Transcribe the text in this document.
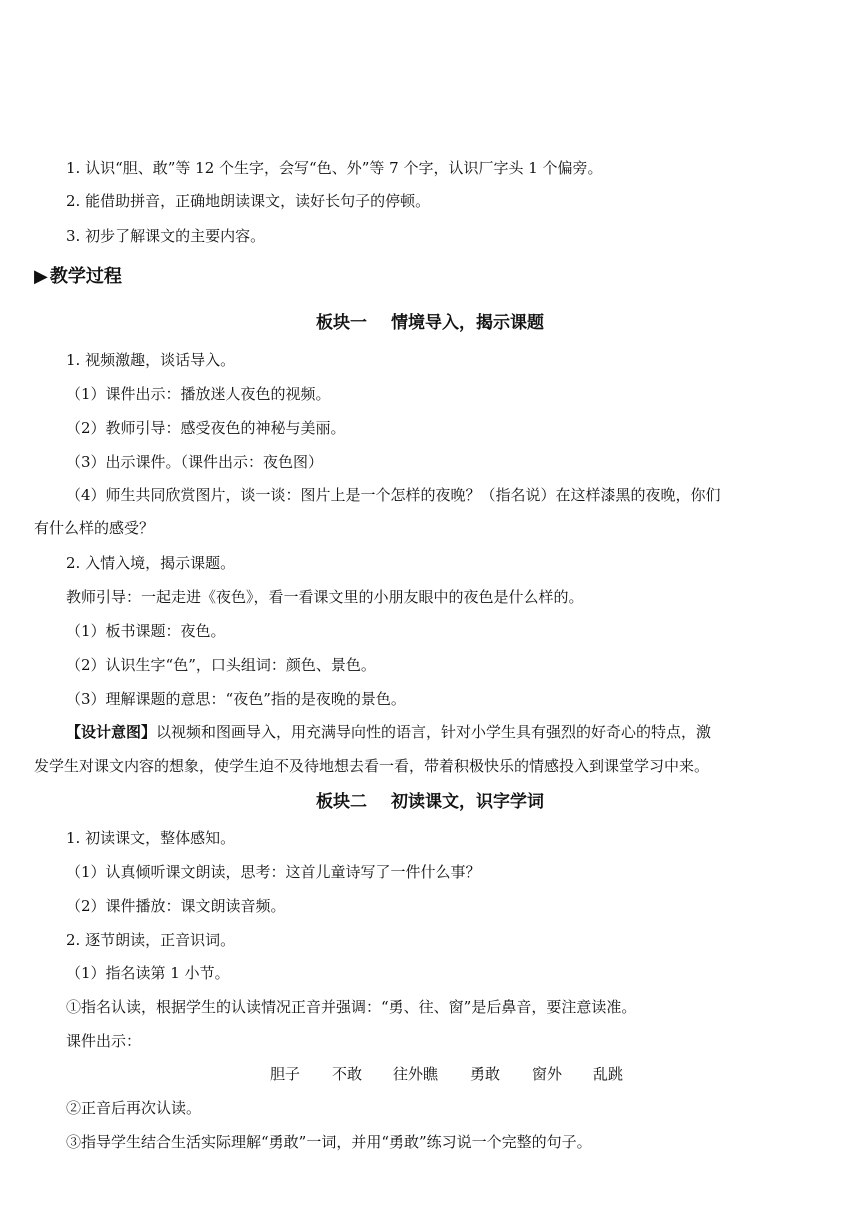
1. 认识“胆、敢”等 12 个生字，会写“色、外”等 7 个字，认识厂字头 1 个偏旁。
2. 能借助拼音，正确地朗读课文，读好长句子的停顿。
3. 初步了解课文的主要内容。
▶ 教学过程
板块一 情境导入，揭示课题
1. 视频激趣，谈话导入。
（1）课件出示：播放迷人夜色的视频。
（2）教师引导：感受夜色的神秘与美丽。
（3）出示课件。（课件出示：夜色图）
（4）师生共同欣赏图片，谈一谈：图片上是一个怎样的夜晚？（指名说）在这样漆黑的夜晚，你们
有什么样的感受？
2. 入情入境，揭示课题。
教师引导：一起走进《夜色》，看一看课文里的小朋友眼中的夜色是什么样的。
（1）板书课题：夜色。
（2）认识生字“色”，口头组词：颜色、景色。
（3）理解课题的意思：“夜色”指的是夜晚的景色。
【设计意图】以视频和图画导入，用充满导向性的语言，针对小学生具有强烈的好奇心的特点，激
发学生对课文内容的想象，使学生迫不及待地想去看一看，带着积极快乐的情感投入到课堂学习中来。
板块二 初读课文，识字学词
1. 初读课文，整体感知。
（1）认真倾听课文朗读，思考：这首儿童诗写了一件什么事？
（2）课件播放：课文朗读音频。
2. 逐节朗读，正音识词。
（1）指名读第 1 小节。
①指名认读，根据学生的认读情况正音并强调：“勇、往、窗”是后鼻音，要注意读准。
课件出示：
胆子 不敢 往外瞧 勇敢 窗外 乱跳
②正音后再次认读。
③指导学生结合生活实际理解“勇敢”一词，并用“勇敢”练习说一个完整的句子。
